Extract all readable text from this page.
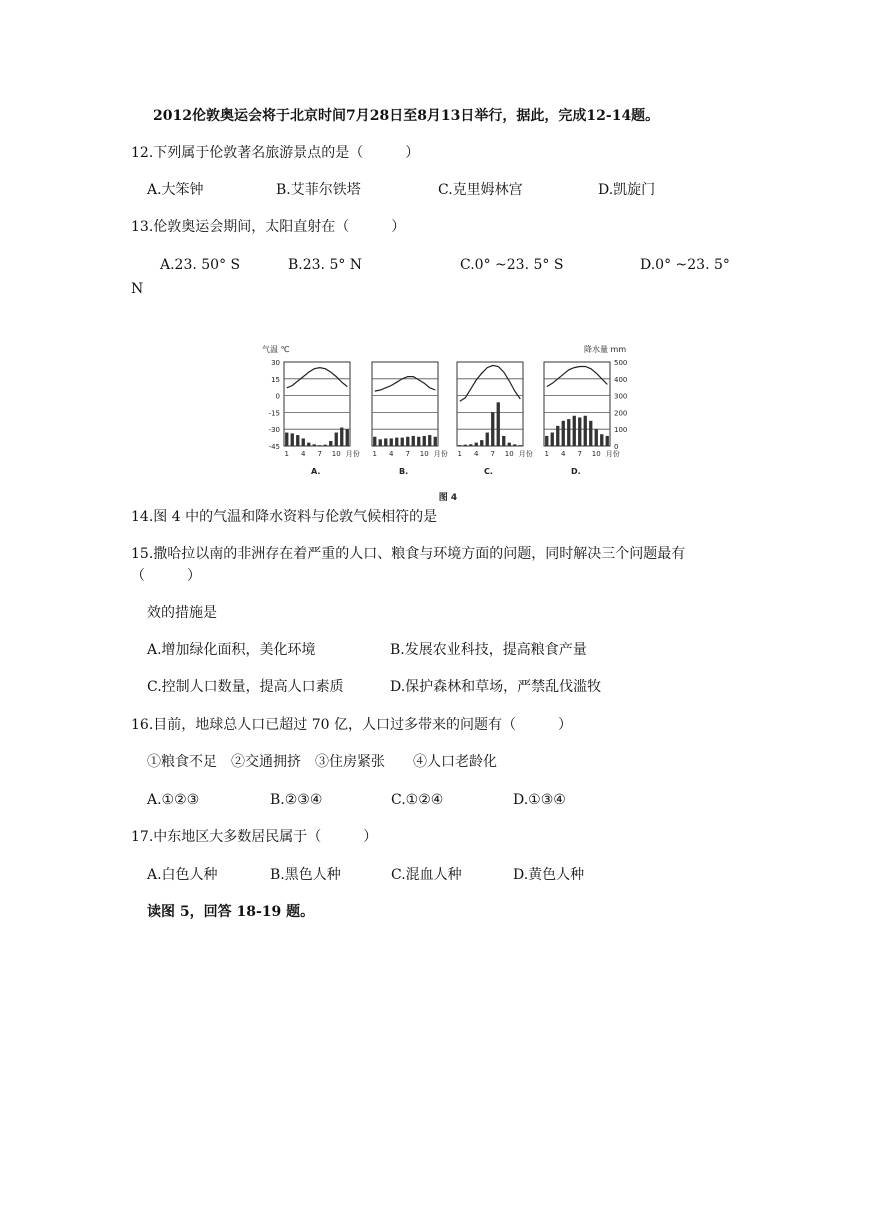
2012伦敦奥运会将于北京时间7月28日至8月13日举行，据此，完成12-14题。
12.下列属于伦敦著名旅游景点的是（　　　）
A.大笨钟	B.艾菲尔铁塔	C.克里姆林宫	D.凯旋门
13.伦敦奥运会期间，太阳直射在（　　　）
A.23. 50° S	B.23. 5° N	C.0° ~23. 5° S	D.0° ~23. 5°
N
气温 ℃	降水量 mm
30
15
0
-15
-30
-45
500
400
300
200
100
0
1 4 7 10 月份
A.
1 4 7 10 月份
B.
1 4 7 10 月份
C.
1 4 7 10 月份
D.
图 4
14.图 4 中的气温和降水资料与伦敦气候相符的是
15.撒哈拉以南的非洲存在着严重的人口、粮食与环境方面的问题，同时解决三个问题最有
（　　　）
效的措施是
A.增加绿化面积，美化环境	B.发展农业科技，提高粮食产量
C.控制人口数量，提高人口素质	D.保护森林和草场，严禁乱伐滥牧
16.目前，地球总人口已超过 70 亿，人口过多带来的问题有（　　　）
①粮食不足　②交通拥挤　③住房紧张　　④人口老龄化
A.①②③	B.②③④	C.①②④	D.①③④
17.中东地区大多数居民属于（　　　）
A.白色人种	B.黑色人种	C.混血人种	D.黄色人种
读图 5，回答 18-19 题。
